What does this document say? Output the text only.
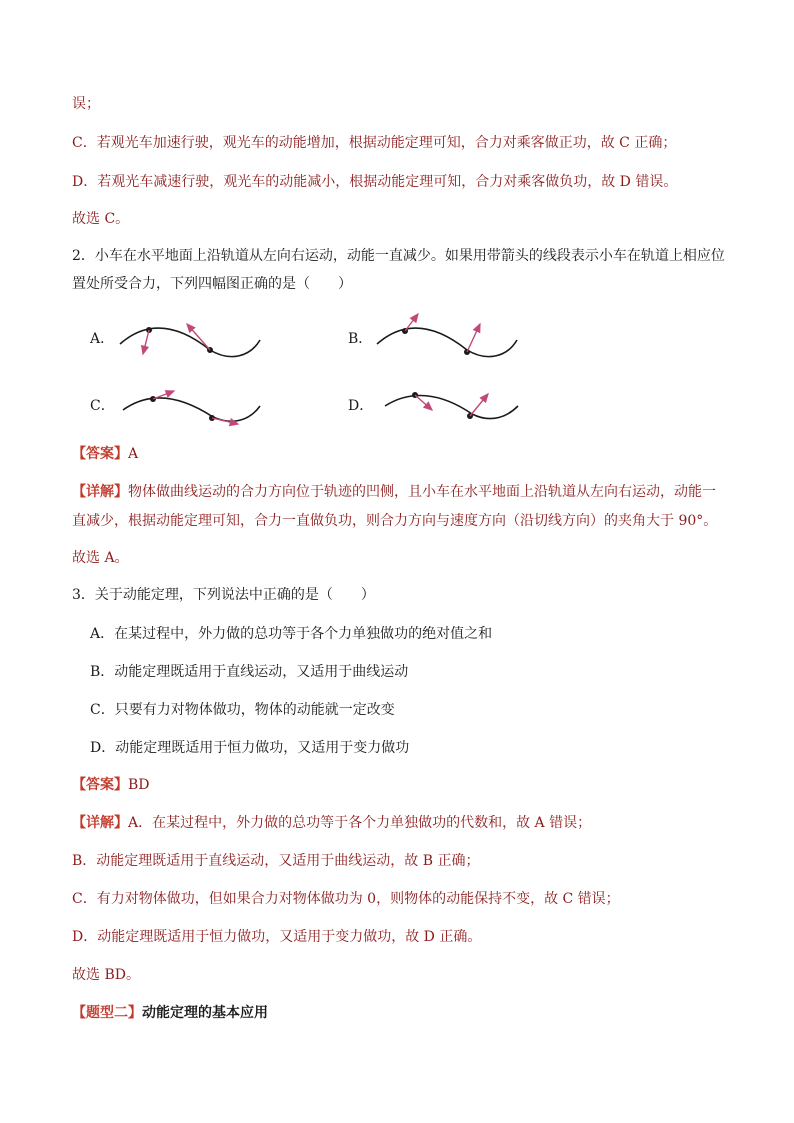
误；
C．若观光车加速行驶，观光车的动能增加，根据动能定理可知，合力对乘客做正功，故 C 正确；
D．若观光车减速行驶，观光车的动能减小，根据动能定理可知，合力对乘客做负功，故 D 错误。
故选 C。
2．小车在水平地面上沿轨道从左向右运动，动能一直减少。如果用带箭头的线段表示小车在轨道上相应位
置处所受合力，下列四幅图正确的是（　　）
A．	B．
C．	D．
【答案】A
【详解】物体做曲线运动的合力方向位于轨迹的凹侧，且小车在水平地面上沿轨道从左向右运动，动能一
直减少，根据动能定理可知，合力一直做负功，则合力方向与速度方向（沿切线方向）的夹角大于 90°。
故选 A。
3．关于动能定理，下列说法中正确的是（　　）
A．在某过程中，外力做的总功等于各个力单独做功的绝对值之和
B．动能定理既适用于直线运动，又适用于曲线运动
C．只要有力对物体做功，物体的动能就一定改变
D．动能定理既适用于恒力做功，又适用于变力做功
【答案】BD
【详解】A．在某过程中，外力做的总功等于各个力单独做功的代数和，故 A 错误；
B．动能定理既适用于直线运动，又适用于曲线运动，故 B 正确；
C．有力对物体做功，但如果合力对物体做功为 0，则物体的动能保持不变，故 C 错误；
D．动能定理既适用于恒力做功，又适用于变力做功，故 D 正确。
故选 BD。
【题型二】动能定理的基本应用
